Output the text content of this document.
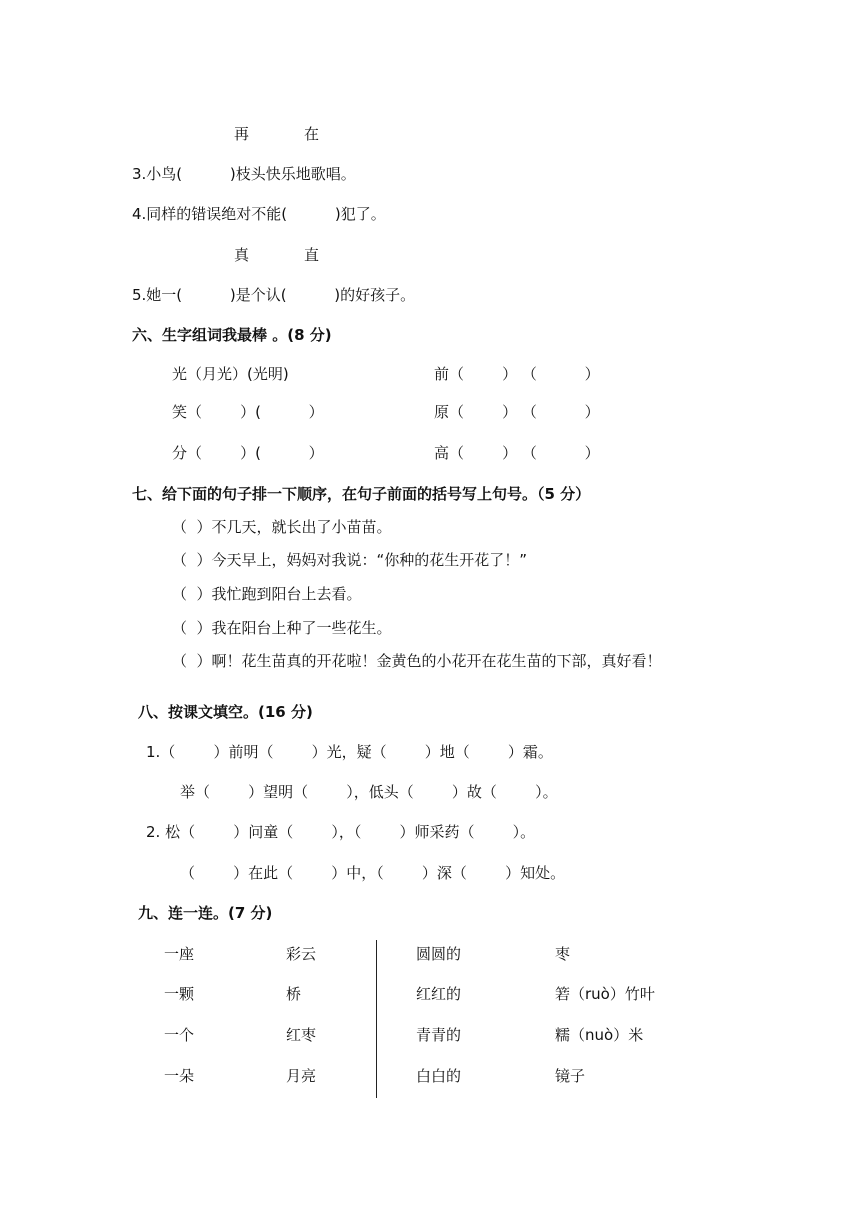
再	在
3.小鸟(          )枝头快乐地歌唱。
4.同样的错误绝对不能(          )犯了。
真	直
5.她一(          )是个认(          )的好孩子。
六、生字组词我最棒 。(8 分)
光（月光）(光明)
笑（        ）(          ）
分（        ）(          ）
前（        ） （          ）
原（        ） （          ）
高（        ） （          ）
七、给下面的句子排一下顺序，在句子前面的括号写上句号。（5 分）
（  ）不几天，就长出了小苗苗。
（  ）今天早上，妈妈对我说：“你种的花生开花了！”
（  ）我忙跑到阳台上去看。
（  ）我在阳台上种了一些花生。
（  ）啊！花生苗真的开花啦！金黄色的小花开在花生苗的下部，真好看！
八、按课文填空。(16 分)
1.（        ）前明（        ）光，疑（        ）地（        ）霜。
举（        ）望明（        ），低头（        ）故（        ）。
2. 松（        ）问童（        ），（        ）师采药（        ）。
（        ）在此（        ）中，（        ）深（        ）知处。
九、连一连。(7 分)
一座
一颗
一个
一朵
彩云
桥
红枣
月亮
圆圆的
红红的
青青的
白白的
枣
箬（ruò）竹叶
糯（nuò）米
镜子
